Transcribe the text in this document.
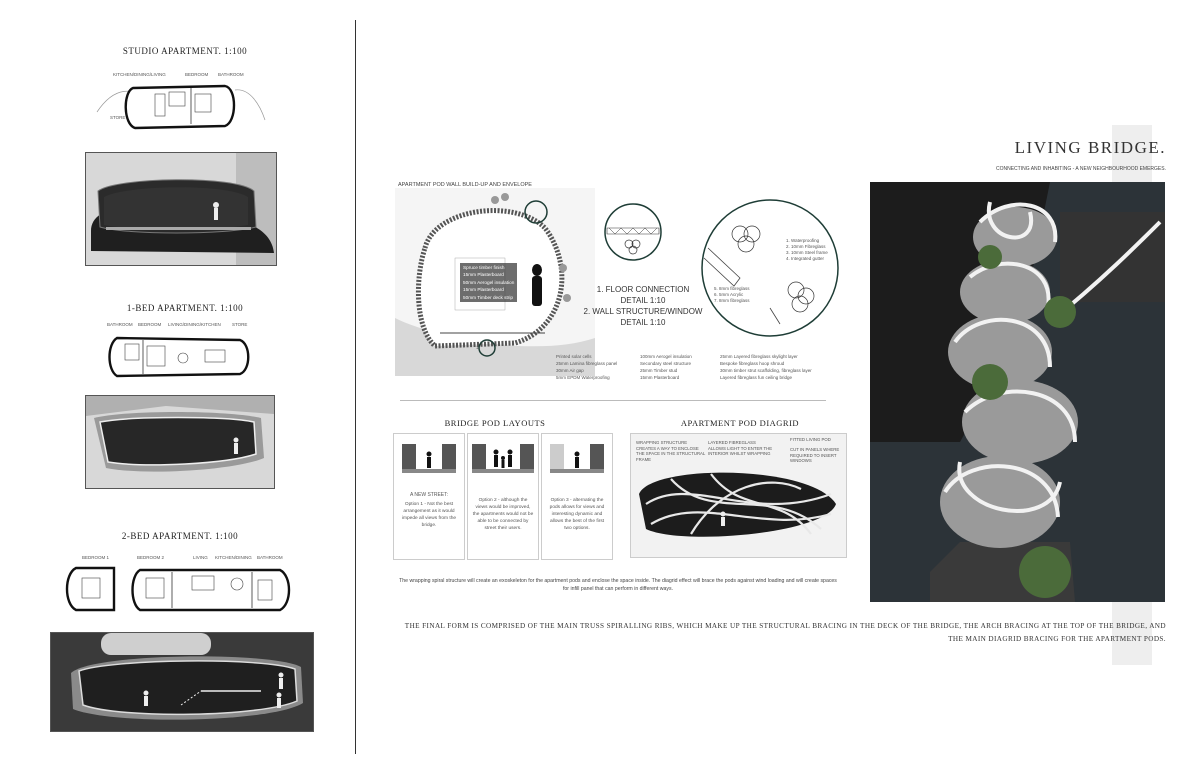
STUDIO APARTMENT. 1:100
KITCHEN/DINING/LIVING	BEDROOM BATHROOM
STORE
1-BED APARTMENT. 1:100
BATHROOM BEDROOM LIVING/DINING/KITCHEN STORE
2-BED APARTMENT. 1:100
BEDROOM 1	BEDROOM 2	LIVING KITCHEN/DINING BATHROOM
LIVING BRIDGE.
CONNECTING AND INHABITING - A NEW NEIGHBOURHOOD EMERGES.
APARTMENT POD WALL BUILD-UP AND ENVELOPE
Spruce timber finish
15mm Plasterboard
50mm Aerogel insulation
15mm Plasterboard
50mm Timber deck strip
1
1. FLOOR CONNECTION
DETAIL 1:10
2. WALL STRUCTURE/WINDOW
DETAIL 1:10
1. Waterproofing
2. 10mm Fibreglass
3. 10mm Steel frame
4. Integrated gutter
5. 8mm fibreglass
6. 5mm Acrylic
7. 8mm fibreglass
Printed solar cells
25mm Lamina fibreglass panel
30mm Air gap
5mm EPDM Waterproofing
100mm Aerogel insulation
Secondary steel structure
25mm Timber stud
15mm Plasterboard
25mm Layered fibreglass skylight layer
Bespoke fibreglass hoop shroud
30mm timber strut scaffolding, fibreglass layer
Layered fibreglass fun ceiling bridge
BRIDGE POD LAYOUTS
A NEW STREET:
Option 1 - Not the best arrangement as it would impede all views from the bridge.
Option 2 - although the views would be improved, the apartments would not be able to be connected by street their users.
Option 3 - alternating the pods allows for views and interesting dynamic and allows the best of the first two options.
APARTMENT POD DIAGRID
WRAPPING STRUCTURE CREATES A WAY TO ENCLOSE THE SPACE IN THE STRUCTURAL FRAME
LAYERED FIBREGLASS ALLOWS LIGHT TO ENTER THE INTERIOR WHILST WRAPPING
FITTED LIVING POD
CUT IN PANELS WHERE REQUIRED TO INSERT WINDOWS
The wrapping spiral structure will create an exoskeleton for the apartment pods and enclose the space inside. The diagrid effect will brace the pods against wind loading and will create spaces for infill panel that can perform in different ways.
THE FINAL FORM IS COMPRISED OF THE MAIN TRUSS SPIRALLING RIBS, WHICH MAKE UP THE STRUCTURAL BRACING IN THE DECK OF THE BRIDGE, THE ARCH BRACING AT THE TOP OF THE BRIDGE, AND THE MAIN DIAGRID BRACING FOR THE APARTMENT PODS.
